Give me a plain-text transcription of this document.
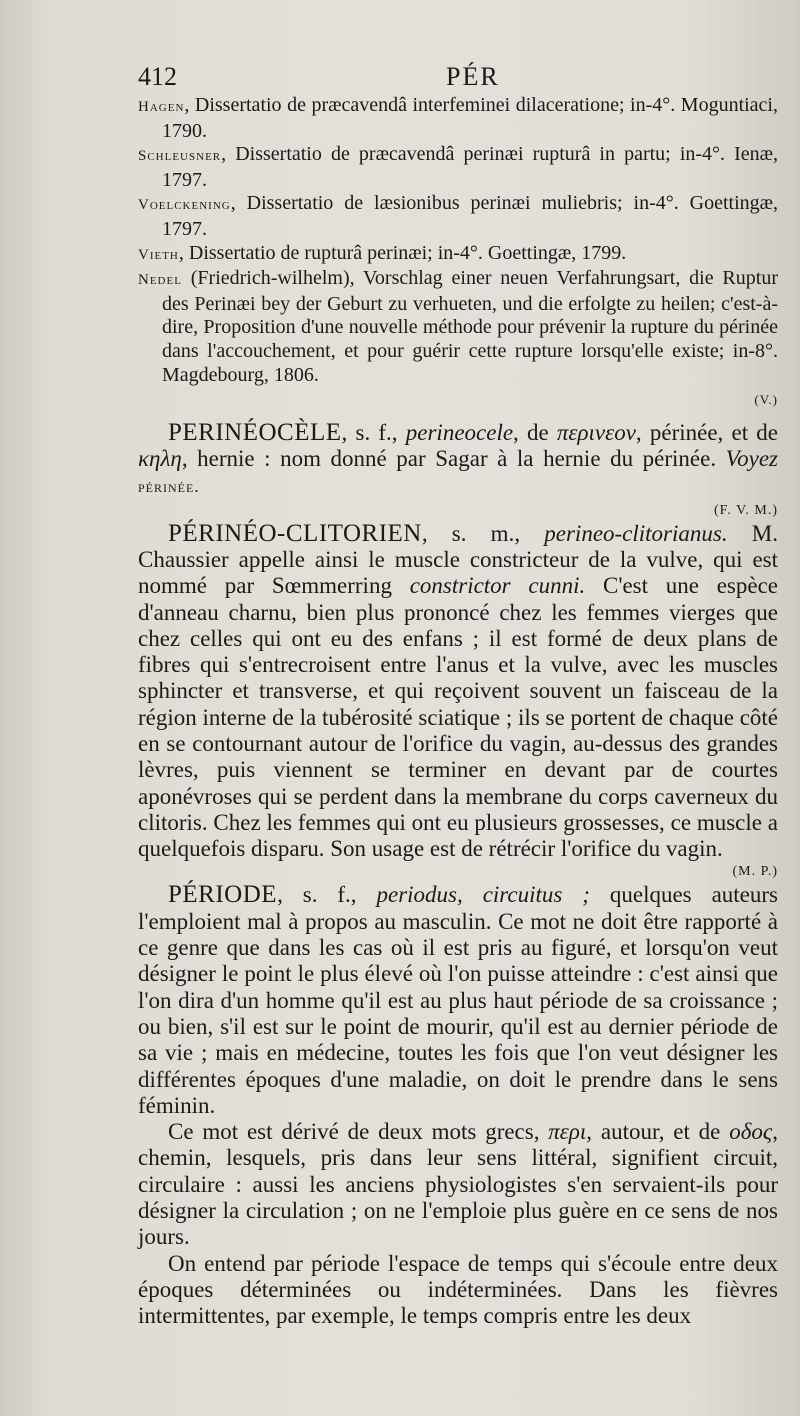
412	PÉR
Hagen, Dissertatio de præcavendâ interfeminei dilaceratione; in-4°. Moguntiaci, 1790.
Schleusner, Dissertatio de præcavendâ perinæi rupturâ in partu; in-4°. Ienæ, 1797.
Voelckening, Dissertatio de læsionibus perinæi muliebris; in-4°. Goettingæ, 1797.
Vieth, Dissertatio de rupturâ perinæi; in-4°. Goettingæ, 1799.
Nedel (Friedrich-wilhelm), Vorschlag einer neuen Verfahrungsart, die Ruptur des Perinæi bey der Geburt zu verhueten, und die erfolgte zu heilen; c'est-à-dire, Proposition d'une nouvelle méthode pour prévenir la rupture du périnée dans l'accouchement, et pour guérir cette rupture lorsqu'elle existe; in-8°. Magdebourg, 1806.
(V.)

PERINÉOCÈLE, s. f., perineocele, de περινεον, périnée, et de κηλη, hernie : nom donné par Sagar à la hernie du périnée. Voyez périnée.

(F. V. M.)

PÉRINÉO-CLITORIEN, s. m., perineo-clitorianus. M. Chaussier appelle ainsi le muscle constricteur de la vulve, qui est nommé par Sœmmerring constrictor cunni. C'est une espèce d'anneau charnu, bien plus prononcé chez les femmes vierges que chez celles qui ont eu des enfans ; il est formé de deux plans de fibres qui s'entrecroisent entre l'anus et la vulve, avec les muscles sphincter et transverse, et qui reçoivent souvent un faisceau de la région interne de la tubérosité sciatique ; ils se portent de chaque côté en se contournant autour de l'orifice du vagin, au-dessus des grandes lèvres, puis viennent se terminer en devant par de courtes aponévroses qui se perdent dans la membrane du corps caverneux du clitoris. Chez les femmes qui ont eu plusieurs grossesses, ce muscle a quelquefois disparu. Son usage est de rétrécir l'orifice du vagin.

(M. P.)

PÉRIODE, s. f., periodus, circuitus ; quelques auteurs l'emploient mal à propos au masculin. Ce mot ne doit être rapporté à ce genre que dans les cas où il est pris au figuré, et lorsqu'on veut désigner le point le plus élevé où l'on puisse atteindre : c'est ainsi que l'on dira d'un homme qu'il est au plus haut période de sa croissance ; ou bien, s'il est sur le point de mourir, qu'il est au dernier période de sa vie ; mais en médecine, toutes les fois que l'on veut désigner les différentes époques d'une maladie, on doit le prendre dans le sens féminin.

Ce mot est dérivé de deux mots grecs, περι, autour, et de οδος, chemin, lesquels, pris dans leur sens littéral, signifient circuit, circulaire : aussi les anciens physiologistes s'en servaient-ils pour désigner la circulation ; on ne l'emploie plus guère en ce sens de nos jours.

On entend par période l'espace de temps qui s'écoule entre deux époques déterminées ou indéterminées. Dans les fièvres intermittentes, par exemple, le temps compris entre les deux
